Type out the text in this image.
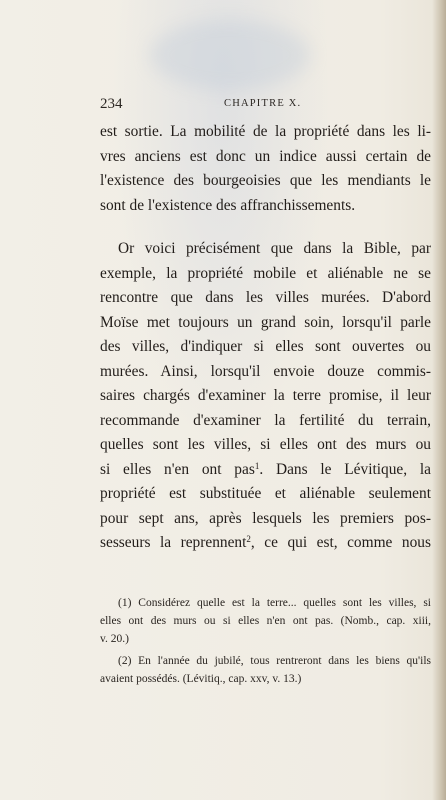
234	CHAPITRE X.
est sortie. La mobilité de la propriété dans les li-
vres anciens est donc un indice aussi certain de
l'existence des bourgeoisies que les mendiants le
sont de l'existence des affranchissements.
Or voici précisément que dans la Bible, par
exemple, la propriété mobile et aliénable ne se
rencontre que dans les villes murées. D'abord
Moïse met toujours un grand soin, lorsqu'il parle
des villes, d'indiquer si elles sont ouvertes ou
murées. Ainsi, lorsqu'il envoie douze commis-
saires chargés d'examiner la terre promise, il leur
recommande d'examiner la fertilité du terrain,
quelles sont les villes, si elles ont des murs ou
si elles n'en ont pas$^1$. Dans le Lévitique, la
propriété est substituée et aliénable seulement
pour sept ans, après lesquels les premiers pos-
sesseurs la reprennent$^2$, ce qui est, comme nous
(1) Considérez quelle est la terre... quelles sont les villes, si
elles ont des murs ou si elles n'en ont pas. (Nomb., cap. xiii,
v. 20.)
(2) En l'année du jubilé, tous rentreront dans les biens qu'ils
avaient possédés. (Lévitiq., cap. xxv, v. 13.)
